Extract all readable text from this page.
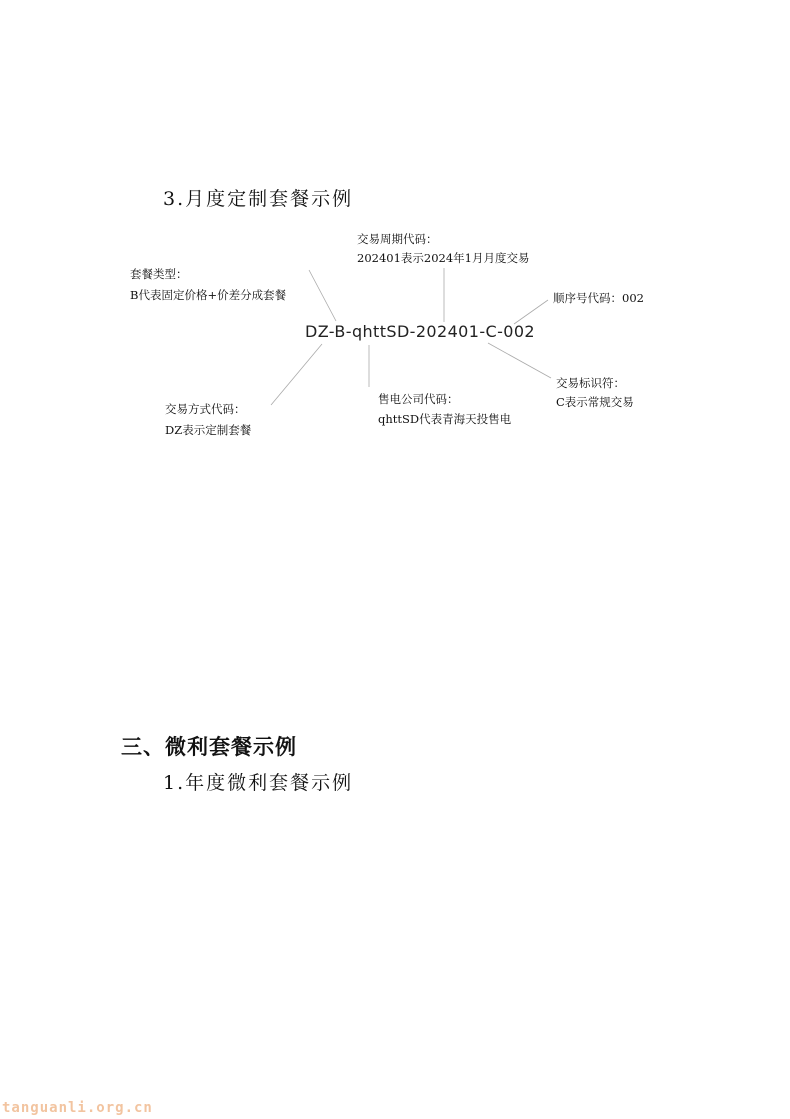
3.月度定制套餐示例
交易周期代码：
202401表示2024年1月月度交易
套餐类型：
B代表固定价格+价差分成套餐	顺序号代码：002
DZ-B-qhttSD-202401-C-002
交易标识符：
C表示常规交易
售电公司代码：
qhttSD代表青海天投售电
交易方式代码：
DZ表示定制套餐
三、微利套餐示例
1.年度微利套餐示例
tanguanli.org.cn
